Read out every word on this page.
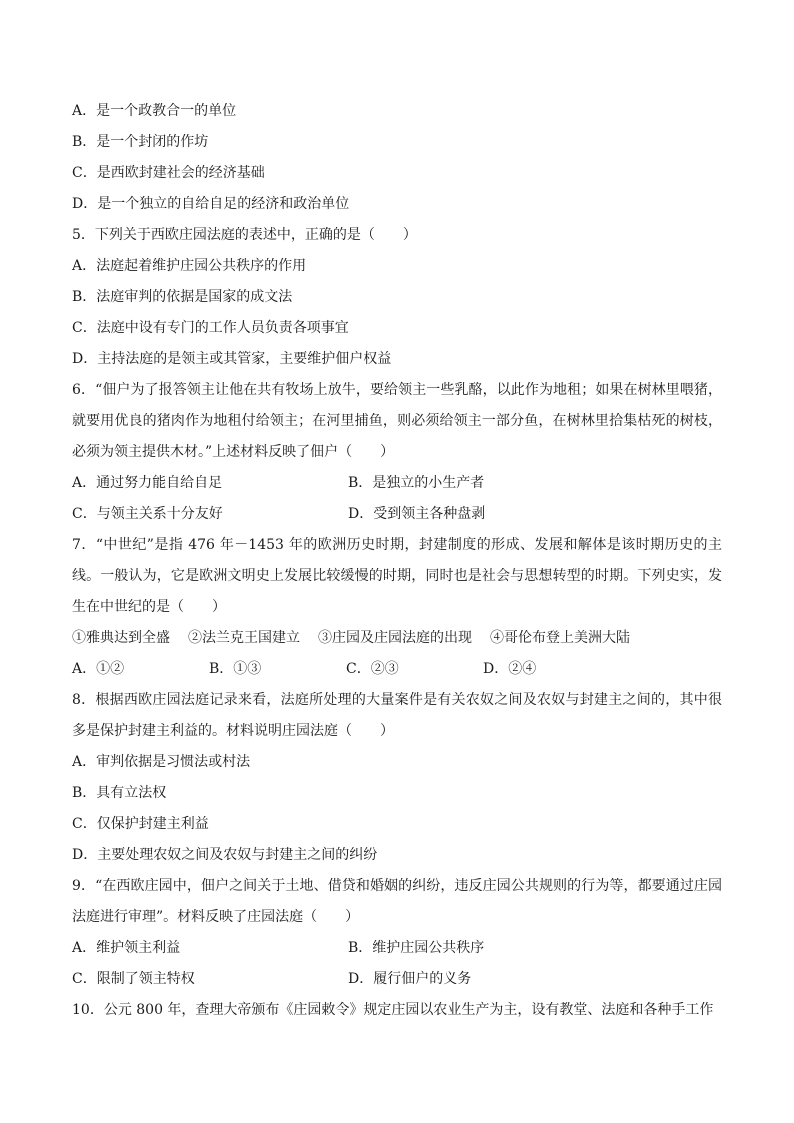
A．是一个政教合一的单位
B．是一个封闭的作坊
C．是西欧封建社会的经济基础
D．是一个独立的自给自足的经济和政治单位
5．下列关于西欧庄园法庭的表述中，正确的是（　　）
A．法庭起着维护庄园公共秩序的作用
B．法庭审判的依据是国家的成文法
C．法庭中设有专门的工作人员负责各项事宜
D．主持法庭的是领主或其管家，主要维护佃户权益
6．“佃户为了报答领主让他在共有牧场上放牛，要给领主一些乳酪，以此作为地租；如果在树林里喂猪，就要用优良的猪肉作为地租付给领主；在河里捕鱼，则必须给领主一部分鱼，在树林里拾集枯死的树枝，必须为领主提供木材。”上述材料反映了佃户（　　）
A．通过努力能自给自足	B．是独立的小生产者
C．与领主关系十分友好	D．受到领主各种盘剥
7．“中世纪”是指 476 年－1453 年的欧洲历史时期，封建制度的形成、发展和解体是该时期历史的主线。一般认为，它是欧洲文明史上发展比较缓慢的时期，同时也是社会与思想转型的时期。下列史实，发生在中世纪的是（　　）
①雅典达到全盛 ②法兰克王国建立 ③庄园及庄园法庭的出现 ④哥伦布登上美洲大陆
A．①②	B．①③	C．②③	D．②④
8．根据西欧庄园法庭记录来看，法庭所处理的大量案件是有关农奴之间及农奴与封建主之间的，其中很多是保护封建主利益的。材料说明庄园法庭（　　）
A．审判依据是习惯法或村法
B．具有立法权
C．仅保护封建主利益
D．主要处理农奴之间及农奴与封建主之间的纠纷
9．“在西欧庄园中，佃户之间关于土地、借贷和婚姻的纠纷，违反庄园公共规则的行为等，都要通过庄园法庭进行审理”。材料反映了庄园法庭（　　）
A．维护领主利益	B．维护庄园公共秩序
C．限制了领主特权	D．履行佃户的义务
10．公元 800 年，查理大帝颁布《庄园敕令》规定庄园以农业生产为主，设有教堂、法庭和各种手工作
